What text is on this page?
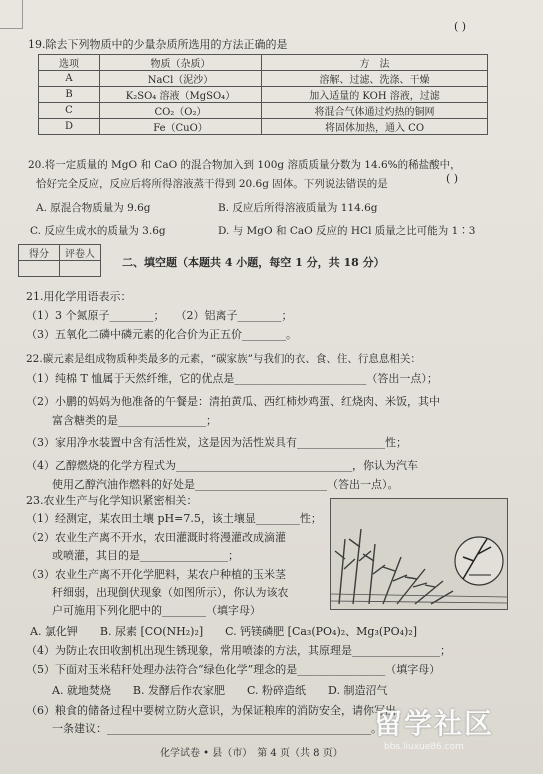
( )
19.除去下列物质中的少量杂质所选用的方法正确的是
选项	物质（杂质）	方　法
A	NaCl（泥沙）	溶解、过滤、洗涤、干燥
B	K₂SO₄ 溶液（MgSO₄）	加入适量的 KOH 溶液，过滤
C	CO₂（O₂）	将混合气体通过灼热的铜网
D	Fe（CuO）	将固体加热，通入 CO
20.将一定质量的 MgO 和 CaO 的混合物加入到 100g 溶质质量分数为 14.6%的稀盐酸中，
恰好完全反应，反应后将所得溶液蒸干得到 20.6g 固体。下列说法错误的是	( )
A. 原混合物质量为 9.6g	B. 反应后所得溶液质量为 114.6g
C. 反应生成水的质量为 3.6g	D. 与 MgO 和 CaO 反应的 HCl 质量之比可能为 1∶3
得分	评卷人

二、填空题（本题共 4 小题，每空 1 分，共 18 分）
21.用化学用语表示：
（1）3 个氮原子________；　　（2）铝离子________；
（3）五氧化二磷中磷元素的化合价为正五价________。
22.碳元素是组成物质种类最多的元素，“碳家族”与我们的衣、食、住、行息息相关：
（1）纯棉 T 恤属于天然纤维，它的优点是________________________（答出一点）；
（2）小鹏的妈妈为他准备的午餐是：清拍黄瓜、西红柿炒鸡蛋、红烧肉、米饭，其中
富含糖类的是________________；
（3）家用净水装置中含有活性炭，这是因为活性炭具有________________性；
（4）乙醇燃烧的化学方程式为________________________________，你认为汽车
使用乙醇汽油作燃料的好处是________________________（答出一点）。
23.农业生产与化学知识紧密相关：
（1）经测定，某农田土壤 pH=7.5，该土壤显________性；
（2）农业生产离不开水，农田灌溉时将漫灌改成滴灌
或喷灌，其目的是________________；
（3）农业生产离不开化学肥料，某农户种植的玉米茎
秆细弱，出现倒伏现象（如图所示），你认为该农
户可施用下列化肥中的________（填字母）
A. 氯化钾　　B. 尿素 [CO(NH₂)₂]　　C. 钙镁磷肥 [Ca₃(PO₄)₂、Mg₃(PO₄)₂]
（4）为防止农田收割机出现生锈现象，常用喷漆的方法，其原理是________________；
（5）下面对玉米秸秆处理办法符合“绿色化学”理念的是________________（填字母）
A. 就地焚烧　　B. 发酵后作农家肥　　C. 粉碎造纸　　D. 制造沼气
（6）粮食的储备过程中要树立防火意识，为保证粮库的消防安全，请你写出
一条建议：________________________________________________。
化学试卷 • 县（市）　第 4 页（共 8 页）
留学社区
bbs.liuxue86.com
